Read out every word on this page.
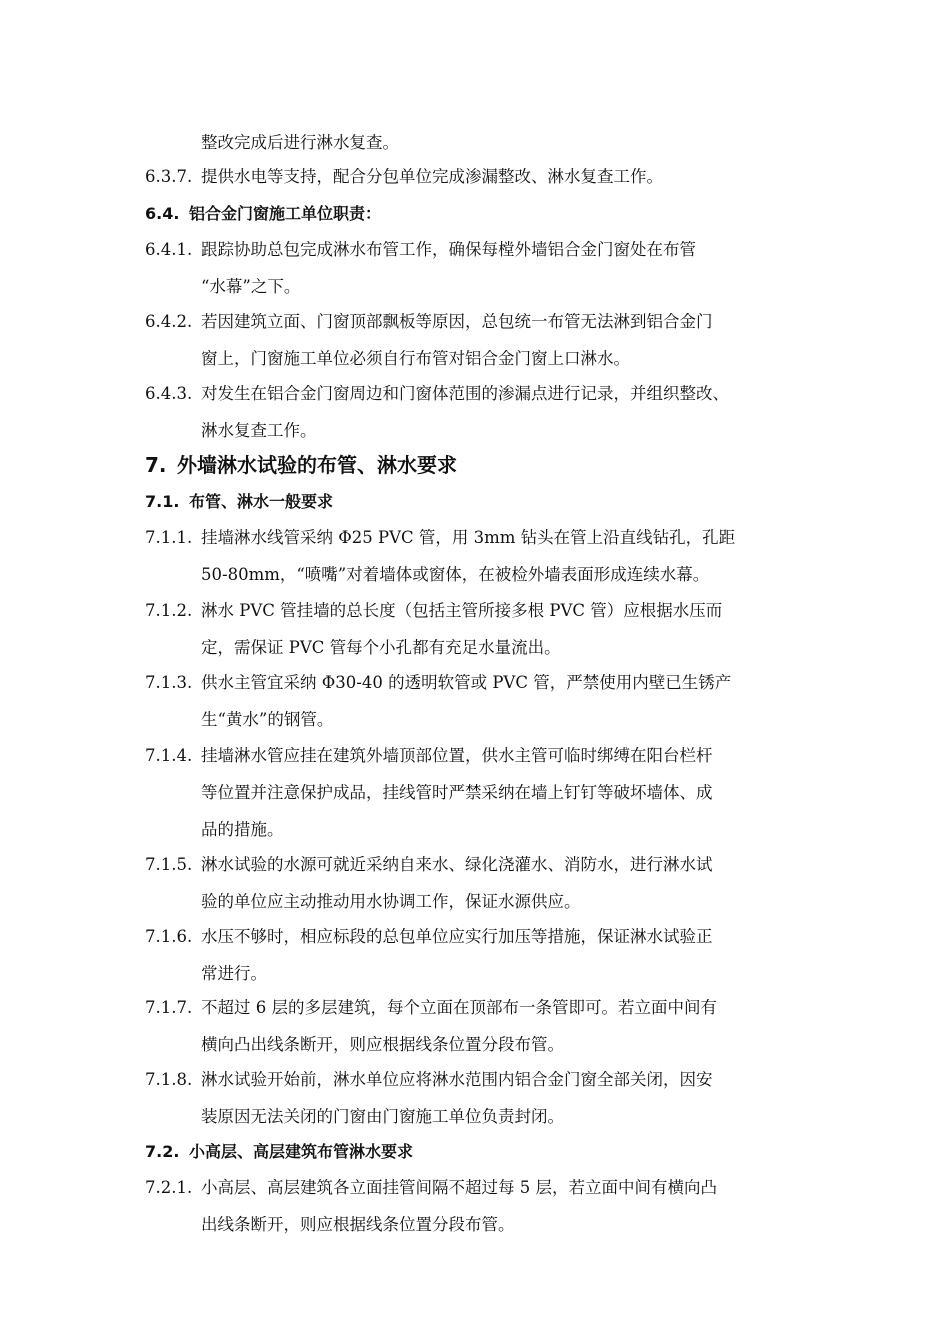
整改完成后进行淋水复查。
6.3.7. 提供水电等支持，配合分包单位完成渗漏整改、淋水复查工作。
6.4. 铝合金门窗施工单位职责：
6.4.1. 跟踪协助总包完成淋水布管工作，确保每樘外墙铝合金门窗处在布管
“水幕”之下。
6.4.2. 若因建筑立面、门窗顶部飘板等原因，总包统一布管无法淋到铝合金门
窗上，门窗施工单位必须自行布管对铝合金门窗上口淋水。
6.4.3. 对发生在铝合金门窗周边和门窗体范围的渗漏点进行记录，并组织整改、
淋水复查工作。
7. 外墙淋水试验的布管、淋水要求
7.1. 布管、淋水一般要求
7.1.1. 挂墙淋水线管采纳 Φ25 PVC 管，用 3mm 钻头在管上沿直线钻孔，孔距
50-80mm，“喷嘴”对着墙体或窗体，在被检外墙表面形成连续水幕。
7.1.2. 淋水 PVC 管挂墙的总长度（包括主管所接多根 PVC 管）应根据水压而
定，需保证 PVC 管每个小孔都有充足水量流出。
7.1.3. 供水主管宜采纳 Φ30-40 的透明软管或 PVC 管，严禁使用内壁已生锈产
生“黄水”的钢管。
7.1.4. 挂墙淋水管应挂在建筑外墙顶部位置，供水主管可临时绑缚在阳台栏杆
等位置并注意保护成品，挂线管时严禁采纳在墙上钉钉等破坏墙体、成
品的措施。
7.1.5. 淋水试验的水源可就近采纳自来水、绿化浇灌水、消防水，进行淋水试
验的单位应主动推动用水协调工作，保证水源供应。
7.1.6. 水压不够时，相应标段的总包单位应实行加压等措施，保证淋水试验正
常进行。
7.1.7. 不超过 6 层的多层建筑，每个立面在顶部布一条管即可。若立面中间有
横向凸出线条断开，则应根据线条位置分段布管。
7.1.8. 淋水试验开始前，淋水单位应将淋水范围内铝合金门窗全部关闭，因安
装原因无法关闭的门窗由门窗施工单位负责封闭。
7.2. 小高层、高层建筑布管淋水要求
7.2.1. 小高层、高层建筑各立面挂管间隔不超过每 5 层，若立面中间有横向凸
出线条断开，则应根据线条位置分段布管。
